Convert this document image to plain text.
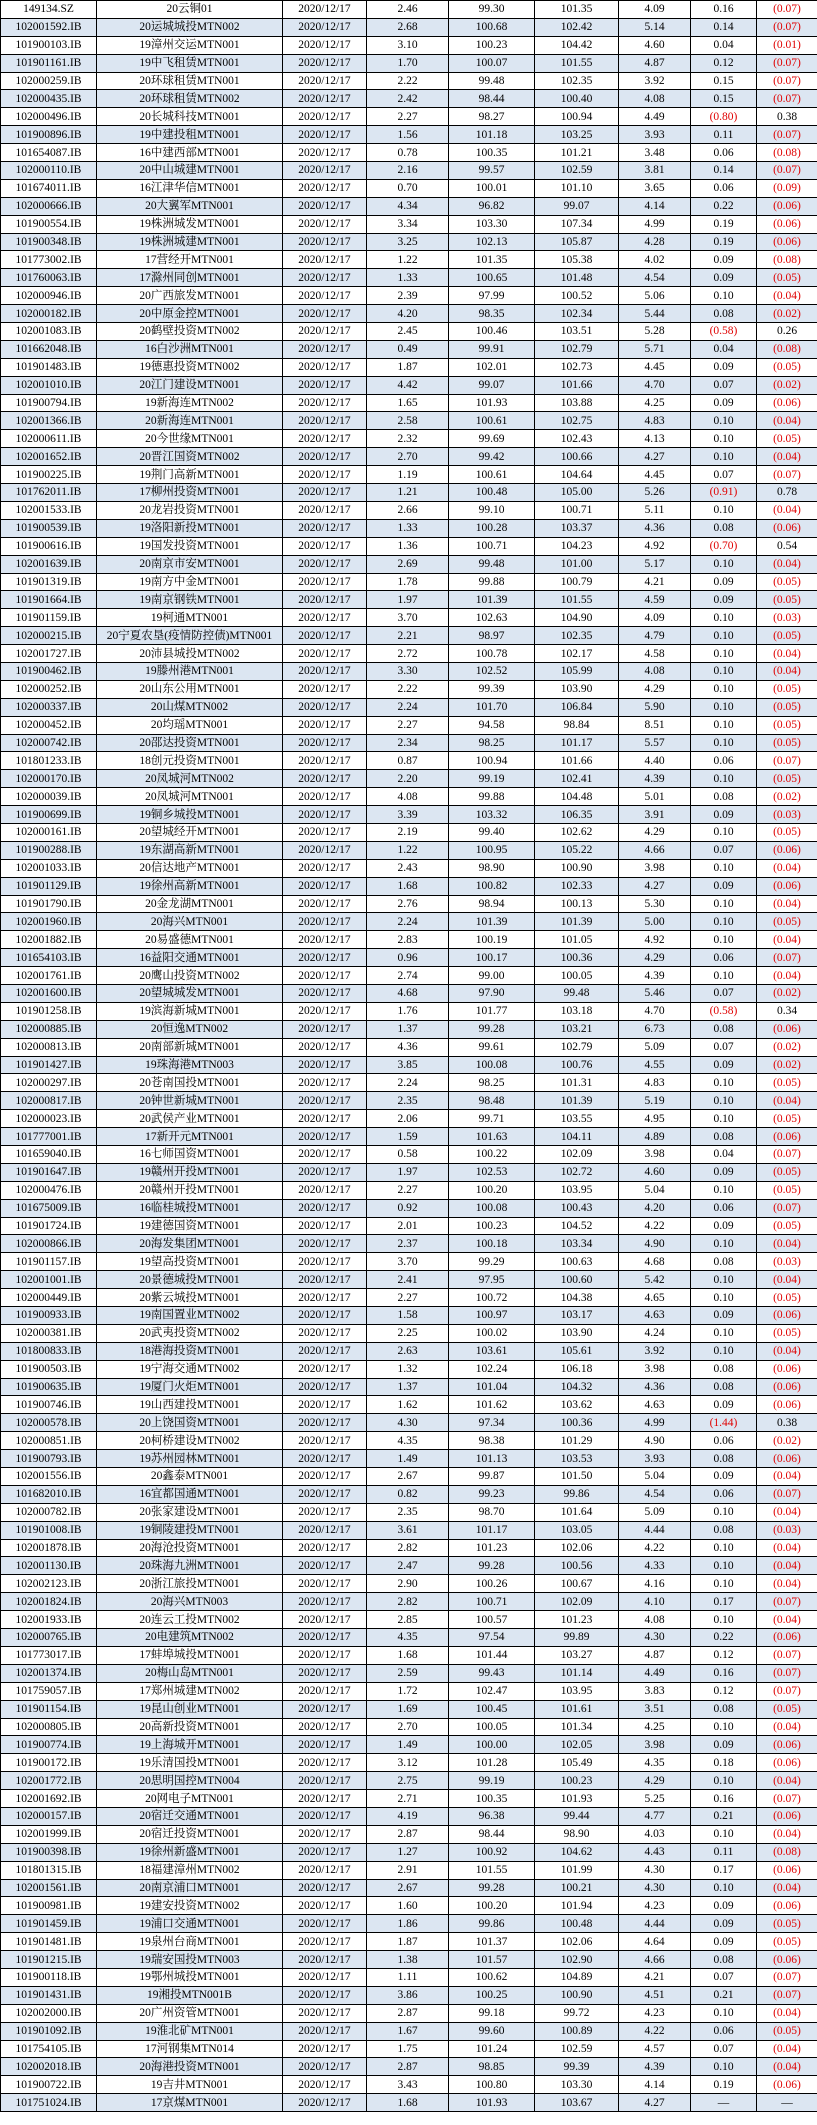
149134.SZ	20云铜01	2020/12/17	2.46	99.30	101.35	4.09	0.16	(0.07)
102001592.IB	20运城城投MTN002	2020/12/17	2.68	100.68	102.42	5.14	0.14	(0.07)
101900103.IB	19漳州交运MTN001	2020/12/17	3.10	100.23	104.42	4.60	0.04	(0.01)
101901161.IB	19中飞租赁MTN001	2020/12/17	1.70	100.07	101.55	4.87	0.12	(0.07)
102000259.IB	20环球租赁MTN001	2020/12/17	2.22	99.48	102.35	3.92	0.15	(0.07)
102000435.IB	20环球租赁MTN002	2020/12/17	2.42	98.44	100.40	4.08	0.15	(0.07)
102000496.IB	20长城科技MTN001	2020/12/17	2.27	98.27	100.94	4.49	(0.80)	0.38
101900896.IB	19中建投租MTN001	2020/12/17	1.56	101.18	103.25	3.93	0.11	(0.07)
101654087.IB	16中建西部MTN001	2020/12/17	0.78	100.35	101.21	3.48	0.06	(0.08)
102000110.IB	20中山城建MTN001	2020/12/17	2.16	99.57	102.59	3.81	0.14	(0.07)
101674011.IB	16江津华信MTN001	2020/12/17	0.70	100.01	101.10	3.65	0.06	(0.09)
102000666.IB	20大翼军MTN001	2020/12/17	4.34	96.82	99.07	4.14	0.22	(0.06)
101900554.IB	19株洲城发MTN001	2020/12/17	3.34	103.30	107.34	4.99	0.19	(0.06)
101900348.IB	19株洲城建MTN001	2020/12/17	3.25	102.13	105.87	4.28	0.19	(0.06)
101773002.IB	17营经开MTN001	2020/12/17	1.22	101.35	105.38	4.02	0.09	(0.08)
101760063.IB	17滁州同创MTN001	2020/12/17	1.33	100.65	101.48	4.54	0.09	(0.05)
102000946.IB	20广西旅发MTN001	2020/12/17	2.39	97.99	100.52	5.06	0.10	(0.04)
102000182.IB	20中原金控MTN001	2020/12/17	4.20	98.35	102.34	5.44	0.08	(0.02)
102001083.IB	20鹤壁投资MTN002	2020/12/17	2.45	100.46	103.51	5.28	(0.58)	0.26
101662048.IB	16白沙洲MTN001	2020/12/17	0.49	99.91	102.79	5.71	0.04	(0.08)
101901483.IB	19德惠投资MTN002	2020/12/17	1.87	102.01	102.73	4.45	0.09	(0.05)
102001010.IB	20江门建设MTN001	2020/12/17	4.42	99.07	101.66	4.70	0.07	(0.02)
101900794.IB	19新海连MTN002	2020/12/17	1.65	101.93	103.88	4.25	0.09	(0.06)
102001366.IB	20新海连MTN001	2020/12/17	2.58	100.61	102.75	4.83	0.10	(0.04)
102000611.IB	20今世缘MTN001	2020/12/17	2.32	99.69	102.43	4.13	0.10	(0.05)
102001652.IB	20晋江国资MTN002	2020/12/17	2.70	99.42	100.66	4.27	0.10	(0.04)
101900225.IB	19荆门高新MTN001	2020/12/17	1.19	100.61	104.64	4.45	0.07	(0.07)
101762011.IB	17柳州投资MTN001	2020/12/17	1.21	100.48	105.00	5.26	(0.91)	0.78
102001533.IB	20龙岩投资MTN001	2020/12/17	2.66	99.10	100.71	5.11	0.10	(0.04)
101900539.IB	19洛阳新投MTN001	2020/12/17	1.33	100.28	103.37	4.36	0.08	(0.06)
101900616.IB	19国发投资MTN001	2020/12/17	1.36	100.71	104.23	4.92	(0.70)	0.54
102001639.IB	20南京市安MTN001	2020/12/17	2.69	99.48	101.00	5.17	0.10	(0.04)
101901319.IB	19南方中金MTN001	2020/12/17	1.78	99.88	100.79	4.21	0.09	(0.05)
101901664.IB	19南京钢铁MTN001	2020/12/17	1.97	101.39	101.55	4.59	0.09	(0.05)
101901159.IB	19柯通MTN001	2020/12/17	3.70	102.63	104.90	4.09	0.10	(0.03)
102000215.IB	20宁夏农垦(疫情防控债)MTN001	2020/12/17	2.21	98.97	102.35	4.79	0.10	(0.05)
102001727.IB	20沛县城投MTN002	2020/12/17	2.72	100.78	102.17	4.58	0.10	(0.04)
101900462.IB	19滕州港MTN001	2020/12/17	3.30	102.52	105.99	4.08	0.10	(0.04)
102000252.IB	20山东公用MTN001	2020/12/17	2.22	99.39	103.90	4.29	0.10	(0.05)
102000337.IB	20山煤MTN002	2020/12/17	2.24	101.70	106.84	5.90	0.10	(0.05)
102000452.IB	20均瑶MTN001	2020/12/17	2.27	94.58	98.84	8.51	0.10	(0.05)
102000742.IB	20邵达投资MTN001	2020/12/17	2.34	98.25	101.17	5.57	0.10	(0.05)
101801233.IB	18创元投资MTN001	2020/12/17	0.87	100.94	101.66	4.40	0.06	(0.07)
102000170.IB	20凤城河MTN002	2020/12/17	2.20	99.19	102.41	4.39	0.10	(0.05)
102000039.IB	20凤城河MTN001	2020/12/17	4.08	99.88	104.48	5.01	0.08	(0.02)
101900699.IB	19铜乡城投MTN001	2020/12/17	3.39	103.32	106.35	3.91	0.09	(0.03)
102000161.IB	20望城经开MTN001	2020/12/17	2.19	99.40	102.62	4.29	0.10	(0.05)
101900288.IB	19东湖高新MTN001	2020/12/17	1.22	100.95	105.22	4.66	0.07	(0.06)
102001033.IB	20信达地产MTN001	2020/12/17	2.43	98.90	100.90	3.98	0.10	(0.04)
101901129.IB	19徐州高新MTN001	2020/12/17	1.68	100.82	102.33	4.27	0.09	(0.06)
101901790.IB	20金龙湖MTN001	2020/12/17	2.76	98.94	100.13	5.30	0.10	(0.04)
102001960.IB	20海兴MTN001	2020/12/17	2.24	101.39	101.39	5.00	0.10	(0.05)
102001882.IB	20易盛德MTN001	2020/12/17	2.83	100.19	101.05	4.92	0.10	(0.04)
101654103.IB	16益阳交通MTN001	2020/12/17	0.96	100.17	100.36	4.29	0.06	(0.07)
102001761.IB	20鹰山投资MTN002	2020/12/17	2.74	99.00	100.05	4.39	0.10	(0.04)
102001600.IB	20望城城发MTN001	2020/12/17	4.68	97.90	99.48	5.46	0.07	(0.02)
101901258.IB	19滨海新城MTN001	2020/12/17	1.76	101.77	103.18	4.70	(0.58)	0.34
102000885.IB	20恒逸MTN002	2020/12/17	1.37	99.28	103.21	6.73	0.08	(0.06)
102000813.IB	20南部新城MTN001	2020/12/17	4.36	99.61	102.79	5.09	0.07	(0.02)
101901427.IB	19珠海港MTN003	2020/12/17	3.85	100.08	100.76	4.55	0.09	(0.02)
102000297.IB	20苍南国投MTN001	2020/12/17	2.24	98.25	101.31	4.83	0.10	(0.05)
102000817.IB	20钟世新城MTN001	2020/12/17	2.35	98.48	101.39	5.19	0.10	(0.04)
102000023.IB	20武侯产业MTN001	2020/12/17	2.06	99.71	103.55	4.95	0.10	(0.05)
101777001.IB	17新开元MTN001	2020/12/17	1.59	101.63	104.11	4.89	0.08	(0.06)
101659040.IB	16七师国资MTN001	2020/12/17	0.58	100.22	102.09	3.98	0.04	(0.07)
101901647.IB	19赣州开投MTN001	2020/12/17	1.97	102.53	102.72	4.60	0.09	(0.05)
102000476.IB	20赣州开投MTN001	2020/12/17	2.27	100.20	103.95	5.04	0.10	(0.05)
101675009.IB	16临桂城投MTN001	2020/12/17	0.92	100.08	100.43	4.20	0.06	(0.07)
101901724.IB	19建德国资MTN001	2020/12/17	2.01	100.23	104.52	4.22	0.09	(0.05)
102000866.IB	20海发集团MTN001	2020/12/17	2.37	100.18	103.34	4.90	0.10	(0.04)
101901157.IB	19望高投资MTN001	2020/12/17	3.70	99.29	100.63	4.68	0.08	(0.03)
102001001.IB	20景德城投MTN001	2020/12/17	2.41	97.95	100.60	5.42	0.10	(0.04)
102000449.IB	20紫云城投MTN001	2020/12/17	2.27	100.72	104.38	4.65	0.10	(0.05)
101900933.IB	19南国置业MTN002	2020/12/17	1.58	100.97	103.17	4.63	0.09	(0.06)
102000381.IB	20武夷投资MTN002	2020/12/17	2.25	100.02	103.90	4.24	0.10	(0.05)
101800833.IB	18港海投资MTN001	2020/12/17	2.63	103.61	105.61	3.92	0.10	(0.04)
101900503.IB	19宁海交通MTN002	2020/12/17	1.32	102.24	106.18	3.98	0.08	(0.06)
101900635.IB	19厦门火炬MTN001	2020/12/17	1.37	101.04	104.32	4.36	0.08	(0.06)
101900746.IB	19山西建投MTN001	2020/12/17	1.62	101.62	103.62	4.63	0.09	(0.06)
102000578.IB	20上饶国资MTN001	2020/12/17	4.30	97.34	100.36	4.99	(1.44)	0.38
102000851.IB	20柯桥建设MTN002	2020/12/17	4.35	98.38	101.29	4.90	0.06	(0.02)
101900793.IB	19苏州园林MTN001	2020/12/17	1.49	101.13	103.53	3.93	0.08	(0.06)
102001556.IB	20鑫泰MTN001	2020/12/17	2.67	99.87	101.50	5.04	0.09	(0.04)
101682010.IB	16宜都国通MTN001	2020/12/17	0.82	99.23	99.86	4.54	0.06	(0.07)
102000782.IB	20张家建设MTN001	2020/12/17	2.35	98.70	101.64	5.09	0.10	(0.04)
101901008.IB	19铜陵建投MTN001	2020/12/17	3.61	101.17	103.05	4.44	0.08	(0.03)
102001878.IB	20海沧投资MTN001	2020/12/17	2.82	101.23	102.06	4.22	0.10	(0.04)
102001130.IB	20珠海九洲MTN001	2020/12/17	2.47	99.28	100.56	4.33	0.10	(0.04)
102002123.IB	20浙江旅投MTN001	2020/12/17	2.90	100.26	100.67	4.16	0.10	(0.04)
102001824.IB	20海兴MTN003	2020/12/17	2.82	100.71	102.09	4.10	0.17	(0.07)
102001933.IB	20连云工投MTN002	2020/12/17	2.85	100.57	101.23	4.08	0.10	(0.04)
102000765.IB	20电建筑MTN002	2020/12/17	4.35	97.54	99.89	4.30	0.22	(0.06)
101773017.IB	17蚌埠城投MTN001	2020/12/17	1.68	101.44	103.27	4.87	0.12	(0.07)
102001374.IB	20梅山岛MTN001	2020/12/17	2.59	99.43	101.14	4.49	0.16	(0.07)
101759057.IB	17郑州城建MTN002	2020/12/17	1.72	102.47	103.95	3.83	0.12	(0.07)
101901154.IB	19昆山创业MTN001	2020/12/17	1.69	100.45	101.61	3.51	0.08	(0.05)
102000805.IB	20高新投资MTN001	2020/12/17	2.70	100.05	101.34	4.25	0.10	(0.04)
101900774.IB	19上海城开MTN001	2020/12/17	1.49	100.00	102.05	3.98	0.09	(0.06)
101900172.IB	19乐清国投MTN001	2020/12/17	3.12	101.28	105.49	4.35	0.18	(0.06)
102001772.IB	20思明国控MTN004	2020/12/17	2.75	99.19	100.23	4.29	0.10	(0.04)
102001692.IB	20网电子MTN001	2020/12/17	2.71	100.35	101.93	5.25	0.16	(0.07)
102000157.IB	20宿迁交通MTN001	2020/12/17	4.19	96.38	99.44	4.77	0.21	(0.06)
102001999.IB	20宿迁投资MTN001	2020/12/17	2.87	98.44	98.90	4.03	0.10	(0.04)
101900398.IB	19徐州新盛MTN001	2020/12/17	1.27	100.92	104.62	4.43	0.11	(0.08)
101801315.IB	18福建漳州MTN002	2020/12/17	2.91	101.55	101.99	4.30	0.17	(0.06)
102001561.IB	20南京浦口MTN001	2020/12/17	2.67	99.28	100.21	4.30	0.10	(0.04)
101900981.IB	19建安投资MTN002	2020/12/17	1.60	100.20	101.94	4.23	0.09	(0.06)
101901459.IB	19浦口交通MTN001	2020/12/17	1.86	99.86	100.48	4.44	0.09	(0.05)
101901481.IB	19泉州台商MTN001	2020/12/17	1.87	101.37	102.06	4.64	0.09	(0.05)
101901215.IB	19瑞安国投MTN003	2020/12/17	1.38	101.57	102.90	4.66	0.08	(0.06)
101900118.IB	19鄂州城投MTN001	2020/12/17	1.11	100.62	104.89	4.21	0.07	(0.07)
101901431.IB	19湘投MTN001B	2020/12/17	3.86	100.25	100.90	4.51	0.21	(0.07)
102002000.IB	20广州资管MTN001	2020/12/17	2.87	99.18	99.72	4.23	0.10	(0.04)
101901092.IB	19淮北矿MTN001	2020/12/17	1.67	99.60	100.89	4.22	0.06	(0.05)
101754105.IB	17河钢集MTN014	2020/12/17	1.75	101.24	102.59	4.57	0.07	(0.04)
102002018.IB	20海港投资MTN001	2020/12/17	2.87	98.85	99.39	4.39	0.10	(0.04)
101900722.IB	19吉井MTN001	2020/12/17	3.43	100.80	103.30	4.14	0.19	(0.06)
101751024.IB	17京煤MTN001	2020/12/17	1.68	101.93	103.67	4.27	—	—
